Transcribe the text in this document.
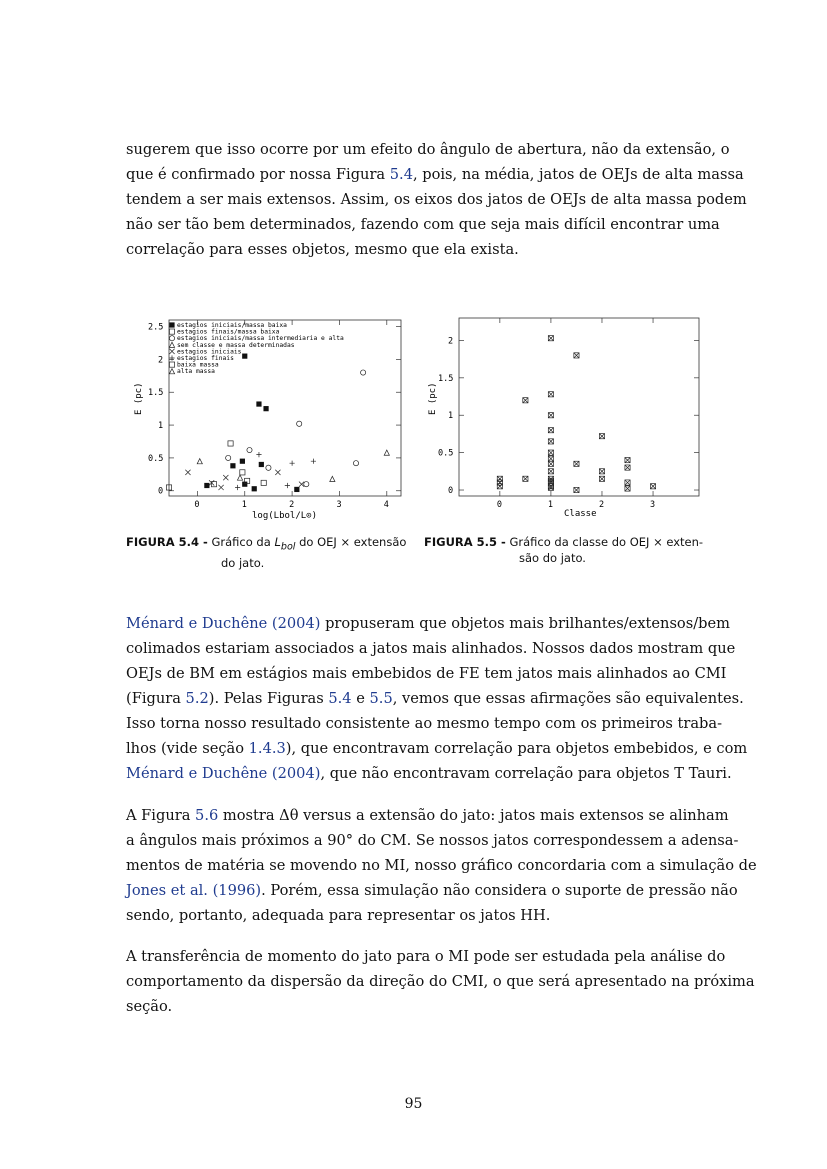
sugerem que isso ocorre por um efeito do ângulo de abertura, não da extensão, o
que é confirmado por nossa Figura 5.4, pois, na média, jatos de OEJs de alta massa
tendem a ser mais extensos. Assim, os eixos dos jatos de OEJs de alta massa podem
não ser tão bem determinados, fazendo com que seja mais difícil encontrar uma
correlação para esses objetos, mesmo que ela exista.
0	1	2	3	4
0
0.5
1
1.5
2
2.5 estagios iniciais/massa baixa
estagios finais/massa baixa
estagios iniciais/massa intermediaria e alta
sem classe e massa determinadas
estagios iniciais
estagios finais
baixa massa
alta massa
E (pc)
log(Lbol/L⊙)
0	1	2	3
0
0.5
1
1.5
2
E (pc)
Classe
FIGURA 5.4 - Gráfico da $L_{bol}$ do OEJ × extensão
do jato.
FIGURA 5.5 - Gráfico da classe do OEJ × exten-
são do jato.
Ménard e Duchêne (2004) propuseram que objetos mais brilhantes/extensos/bem
colimados estariam associados a jatos mais alinhados. Nossos dados mostram que
OEJs de BM em estágios mais embebidos de FE tem jatos mais alinhados ao CMI
(Figura 5.2). Pelas Figuras 5.4 e 5.5, vemos que essas afirmações são equivalentes.
Isso torna nosso resultado consistente ao mesmo tempo com os primeiros traba-
lhos (vide seção 1.4.3), que encontravam correlação para objetos embebidos, e com
Ménard e Duchêne (2004), que não encontravam correlação para objetos T Tauri.
A Figura 5.6 mostra Δθ versus a extensão do jato: jatos mais extensos se alinham
a ângulos mais próximos a 90° do CM. Se nossos jatos correspondessem a adensa-
mentos de matéria se movendo no MI, nosso gráfico concordaria com a simulação de
Jones et al. (1996). Porém, essa simulação não considera o suporte de pressão não
sendo, portanto, adequada para representar os jatos HH.
A transferência de momento do jato para o MI pode ser estudada pela análise do
comportamento da dispersão da direção do CMI, o que será apresentado na próxima
seção.
95
